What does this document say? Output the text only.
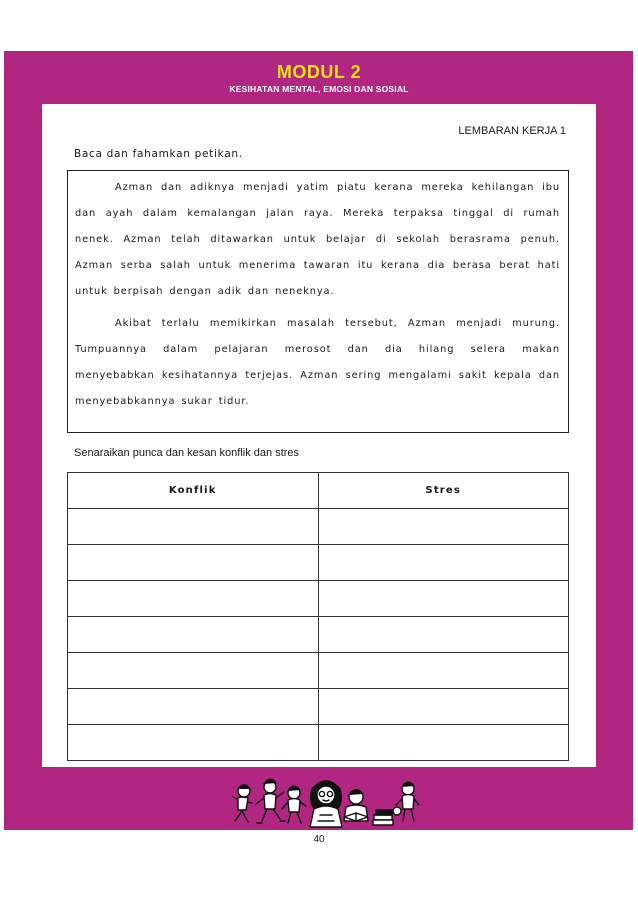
MODUL 2
KESIHATAN MENTAL, EMOSI DAN SOSIAL
LEMBARAN KERJA 1
Baca dan fahamkan petikan.

Azman dan adiknya menjadi yatim piatu kerana mereka kehilangan ibu dan ayah dalam kemalangan jalan raya. Mereka terpaksa tinggal di rumah nenek. Azman telah ditawarkan untuk belajar di sekolah berasrama penuh. Azman serba salah untuk menerima tawaran itu kerana dia berasa berat hati untuk berpisah dengan adik dan neneknya.

Akibat terlalu memikirkan masalah tersebut, Azman menjadi murung. Tumpuannya dalam pelajaran merosot dan dia hilang selera makan menyebabkan kesihatannya terjejas. Azman sering mengalami sakit kepala dan menyebabkannya sukar tidur.

Senaraikan punca dan kesan konflik dan stres
Konflik	Stres

40
